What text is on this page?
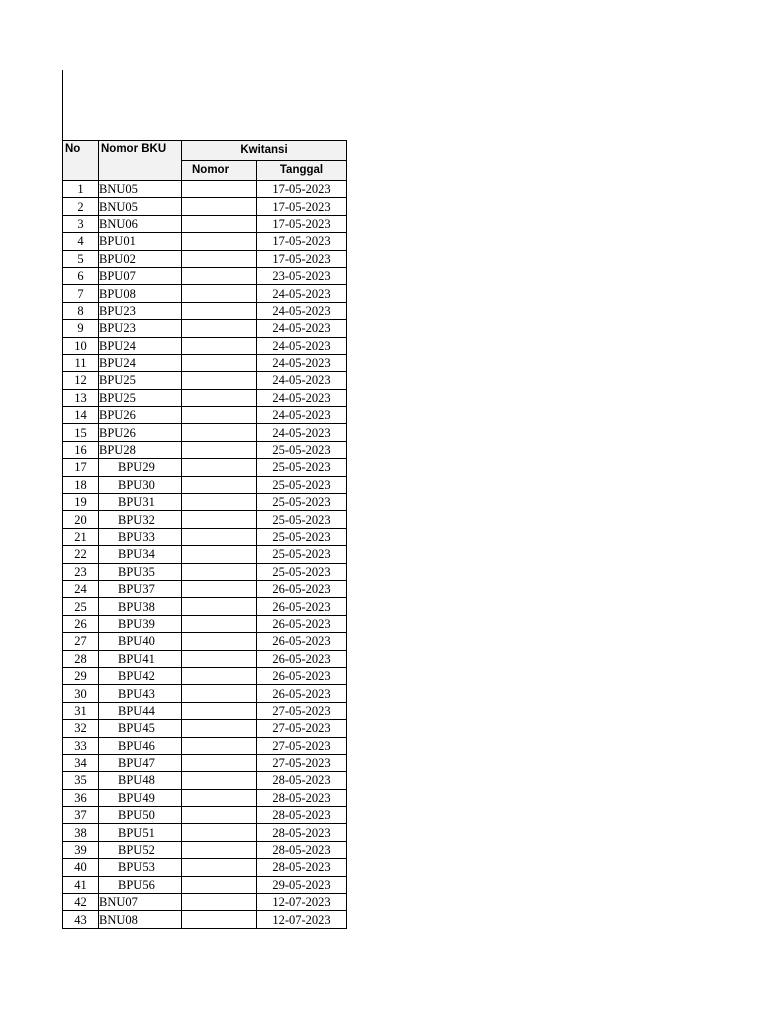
No	Nomor BKU	Kwitansi	
		Nomor	Tanggal
1	BNU05		17-05-2023
2	BNU05		17-05-2023
3	BNU06		17-05-2023
4	BPU01		17-05-2023
5	BPU02		17-05-2023
6	BPU07		23-05-2023
7	BPU08		24-05-2023
8	BPU23		24-05-2023
9	BPU23		24-05-2023
10	BPU24		24-05-2023
11	BPU24		24-05-2023
12	BPU25		24-05-2023
13	BPU25		24-05-2023
14	BPU26		24-05-2023
15	BPU26		24-05-2023
16	BPU28		25-05-2023
17	BPU29		25-05-2023
18	BPU30		25-05-2023
19	BPU31		25-05-2023
20	BPU32		25-05-2023
21	BPU33		25-05-2023
22	BPU34		25-05-2023
23	BPU35		25-05-2023
24	BPU37		26-05-2023
25	BPU38		26-05-2023
26	BPU39		26-05-2023
27	BPU40		26-05-2023
28	BPU41		26-05-2023
29	BPU42		26-05-2023
30	BPU43		26-05-2023
31	BPU44		27-05-2023
32	BPU45		27-05-2023
33	BPU46		27-05-2023
34	BPU47		27-05-2023
35	BPU48		28-05-2023
36	BPU49		28-05-2023
37	BPU50		28-05-2023
38	BPU51		28-05-2023
39	BPU52		28-05-2023
40	BPU53		28-05-2023
41	BPU56		29-05-2023
42	BNU07		12-07-2023
43	BNU08		12-07-2023
